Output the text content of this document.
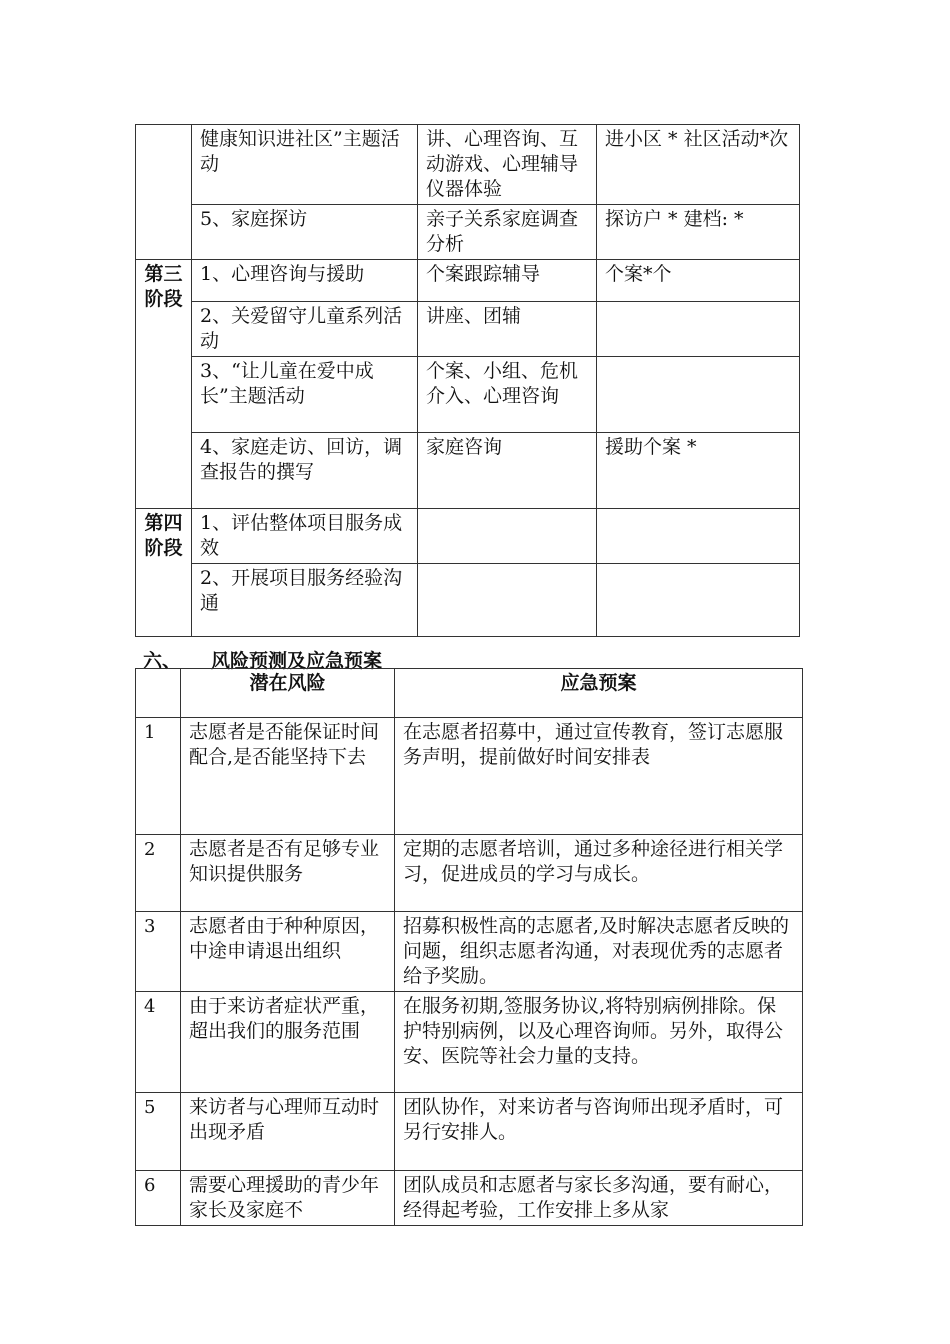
	健康知识进社区”主题活动	讲、心理咨询、互动游戏、心理辅导仪器体验	进小区 * 社区活动*次
	5、家庭探访	亲子关系家庭调查分析	探访户 * 建档: *
第三阶段	1、心理咨询与援助	个案跟踪辅导	个案*个
	2、关爱留守儿童系列活动	讲座、团辅	
	3、“让儿童在爱中成长”主题活动	个案、小组、危机介入、心理咨询	
	4、家庭走访、回访，调查报告的撰写	家庭咨询	援助个案 *
第四阶段	1、评估整体项目服务成效		
	2、开展项目服务经验沟通		
六、 风险预测及应急预案
	潜在风险	应急预案
1	志愿者是否能保证时间配合,是否能坚持下去	在志愿者招募中，通过宣传教育，签订志愿服务声明，提前做好时间安排表
2	志愿者是否有足够专业知识提供服务	定期的志愿者培训，通过多种途径进行相关学习，促进成员的学习与成长。
3	志愿者由于种种原因，中途申请退出组织	招募积极性高的志愿者,及时解决志愿者反映的问题，组织志愿者沟通，对表现优秀的志愿者给予奖励。
4	由于来访者症状严重，超出我们的服务范围	在服务初期,签服务协议,将特别病例排除。保护特别病例，以及心理咨询师。另外，取得公安、医院等社会力量的支持。
5	来访者与心理师互动时出现矛盾	团队协作，对来访者与咨询师出现矛盾时，可另行安排人。
6	需要心理援助的青少年家长及家庭不	团队成员和志愿者与家长多沟通，要有耐心，经得起考验，工作安排上多从家
